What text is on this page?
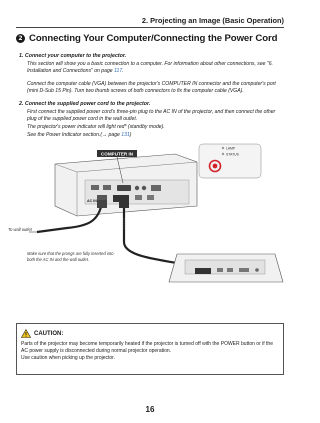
2. Projecting an Image (Basic Operation)
2 Connecting Your Computer/Connecting the Power Cord
1. Connect your computer to the projector.
This section will show you a basic connection to a computer. For information about other connections, see "6. Installation and Connections" on page 117.
Connect the computer cable (VGA) between the projector's COMPUTER IN connector and the computer's port (mini D-Sub 15 Pin). Turn two thumb screws of both connectors to fix the computer cable (VGA).
2. Connect the supplied power cord to the projector.
First connect the supplied power cord's three-pin plug to the AC IN of the projector, and then connect the other plug of the supplied power cord in the wall outlet.
The projector's power indicator will light red* (standby mode).
See the Power Indicator section.(→ page 131)
COMPUTER IN
AC IN
LAMP
STATUS
To wall outlet
Make sure that the prongs are fully inserted into
both the AC IN and the wall outlet.
CAUTION:
Parts of the projector may become temporarily heated if the projector is turned off with the POWER button or if the
AC power supply is disconnected during normal projector operation.
Use caution when picking up the projector.
16
